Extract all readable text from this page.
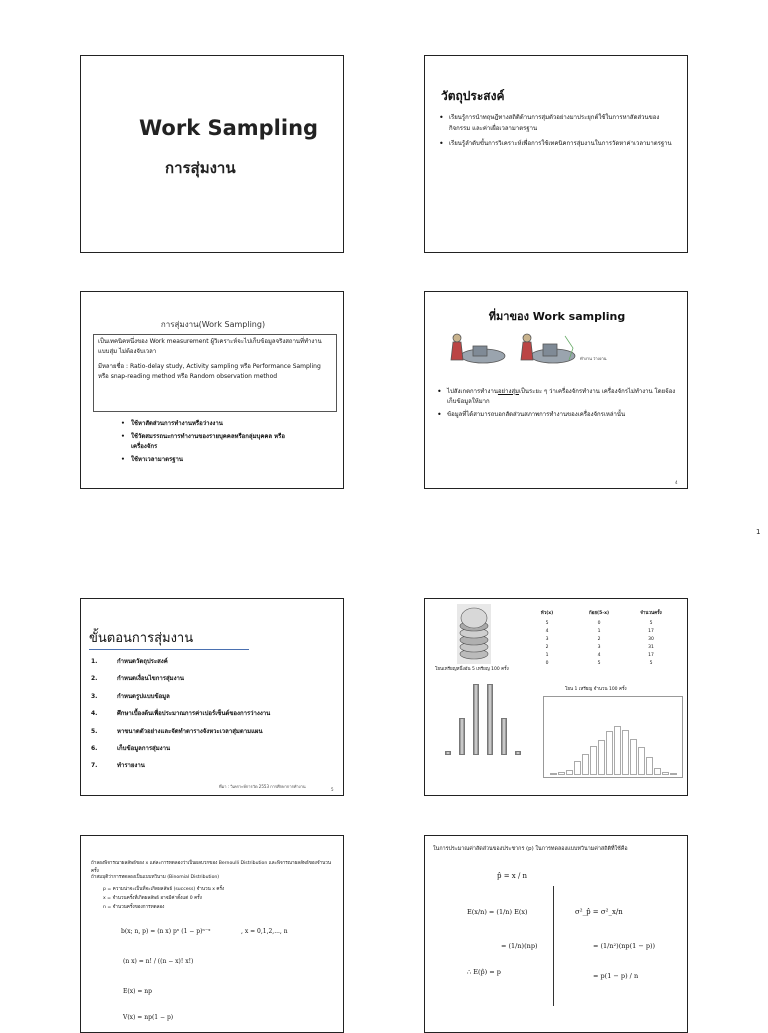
Work Sampling
การสุ่มงาน
วัตถุประสงค์
• เรียนรู้การนำทฤษฎีทางสถิติด้านการสุ่มตัวอย่างมาประยุกต์ใช้ในการหาสัดส่วนของกิจกรรม และค่าเผื่อเวลามาตรฐาน
• เรียนรู้ลำดับขั้นการวิเคราะห์เพื่อการใช้เทคนิคการสุ่มงานในการวัดหาค่าเวลามาตรฐาน
การสุ่มงาน(Work Sampling)

เป็นเทคนิคหนึ่งของ Work measurement ผู้วิเคราะห์จะไปเก็บข้อมูลจริงสถานที่ทำงานแบบสุ่ม ไม่ต้องจับเวลา

มีหลายชื่อ : Ratio-delay study, Activity sampling หรือ Performance Sampling หรือ snap-reading method หรือ Random observation method

• ใช้หาสัดส่วนการทำงานหรือว่างงาน
• ใช้วัดสมรรถนะการทำงานของรายบุคคลหรือกลุ่มบุคคล หรือเครื่องจักร
• ใช้หาเวลามาตรฐาน
ที่มาของ Work sampling
ทำงาน ว่างงาน
• ไปสังเกตการทำงานอย่างสุ่มเป็นระยะ ๆ ว่าเครื่องจักรทำงาน เครื่องจักรไม่ทำงาน โดยจ้องเก็บข้อมูลให้มาก
• ข้อมูลที่ได้สามารถบอกสัดส่วนสภาพการทำงานของเครื่องจักรเหล่านั้น
4
1
ขั้นตอนการสุ่มงาน
1.	กำหนดวัตถุประสงค์
2.	กำหนดเงื่อนไขการสุ่มงาน
3.	กำหนดรูปแบบข้อมูล
4.	ศึกษาเบื้องต้นเพื่อประมาณการค่าเปอร์เซ็นต์ของการว่างงาน
5.	หาขนาดตัวอย่างและจัดทำตารางจังหวะเวลาสุ่มตามแผน
6.	เก็บข้อมูลการสุ่มงาน
7.	ทำรายงาน
ที่มา : วิเคราะห์การวัด 2553 การศึกษาการทำงาน
5
โยนเหรียญหนึ่งอัน 5 เหรียญ 100 ครั้ง
หัว(x)	ก้อย(5-x)	จำนวนครั้ง
5	0	5
4	1	17
3	2	30
2	3	31
1	4	17
0	5	5
โยน 1 เหรียญ จำนวน 100 ครั้ง
ถ้าลองพิจารณาผลลัพธ์ของ x แต่ละการทดลองว่าเป็นผลบวกของ Bernoulli Distribution และพิจารณาผลลัพธ์ของจำนวนครั้ง
ถ้าสมมุติว่าการทดลองเป็นแบบทวินาม (Binomial Distribution)
p = ความน่าจะเป็นที่จะเกิดผลลัพธ์ (success) จำนวน x ครั้ง
x = จำนวนครั้งที่เกิดผลลัพธ์ อาจมีค่าตั้งแต่ 0 ครั้ง
n = จำนวนครั้งของการทดลอง
b(x; n, p) = (n x) pˣ (1 − p)ⁿ⁻ˣ	, x = 0,1,2,..., n
(n x) = n! / ((n − x)! x!)
E(x) = np
V(x) = np(1 − p)
ในการประมาณค่าสัดส่วนของประชากร (p) ในการทดลองแบบทวินามค่าสถิติที่ใช้คือ
p̂ = x / n
E(x/n) = (1/n) E(x)
= (1/n)(np)
∴ E(p̂) = p
σ²_p̂ = σ²_x/n
= (1/n²)(np(1 − p))
= p(1 − p) / n
